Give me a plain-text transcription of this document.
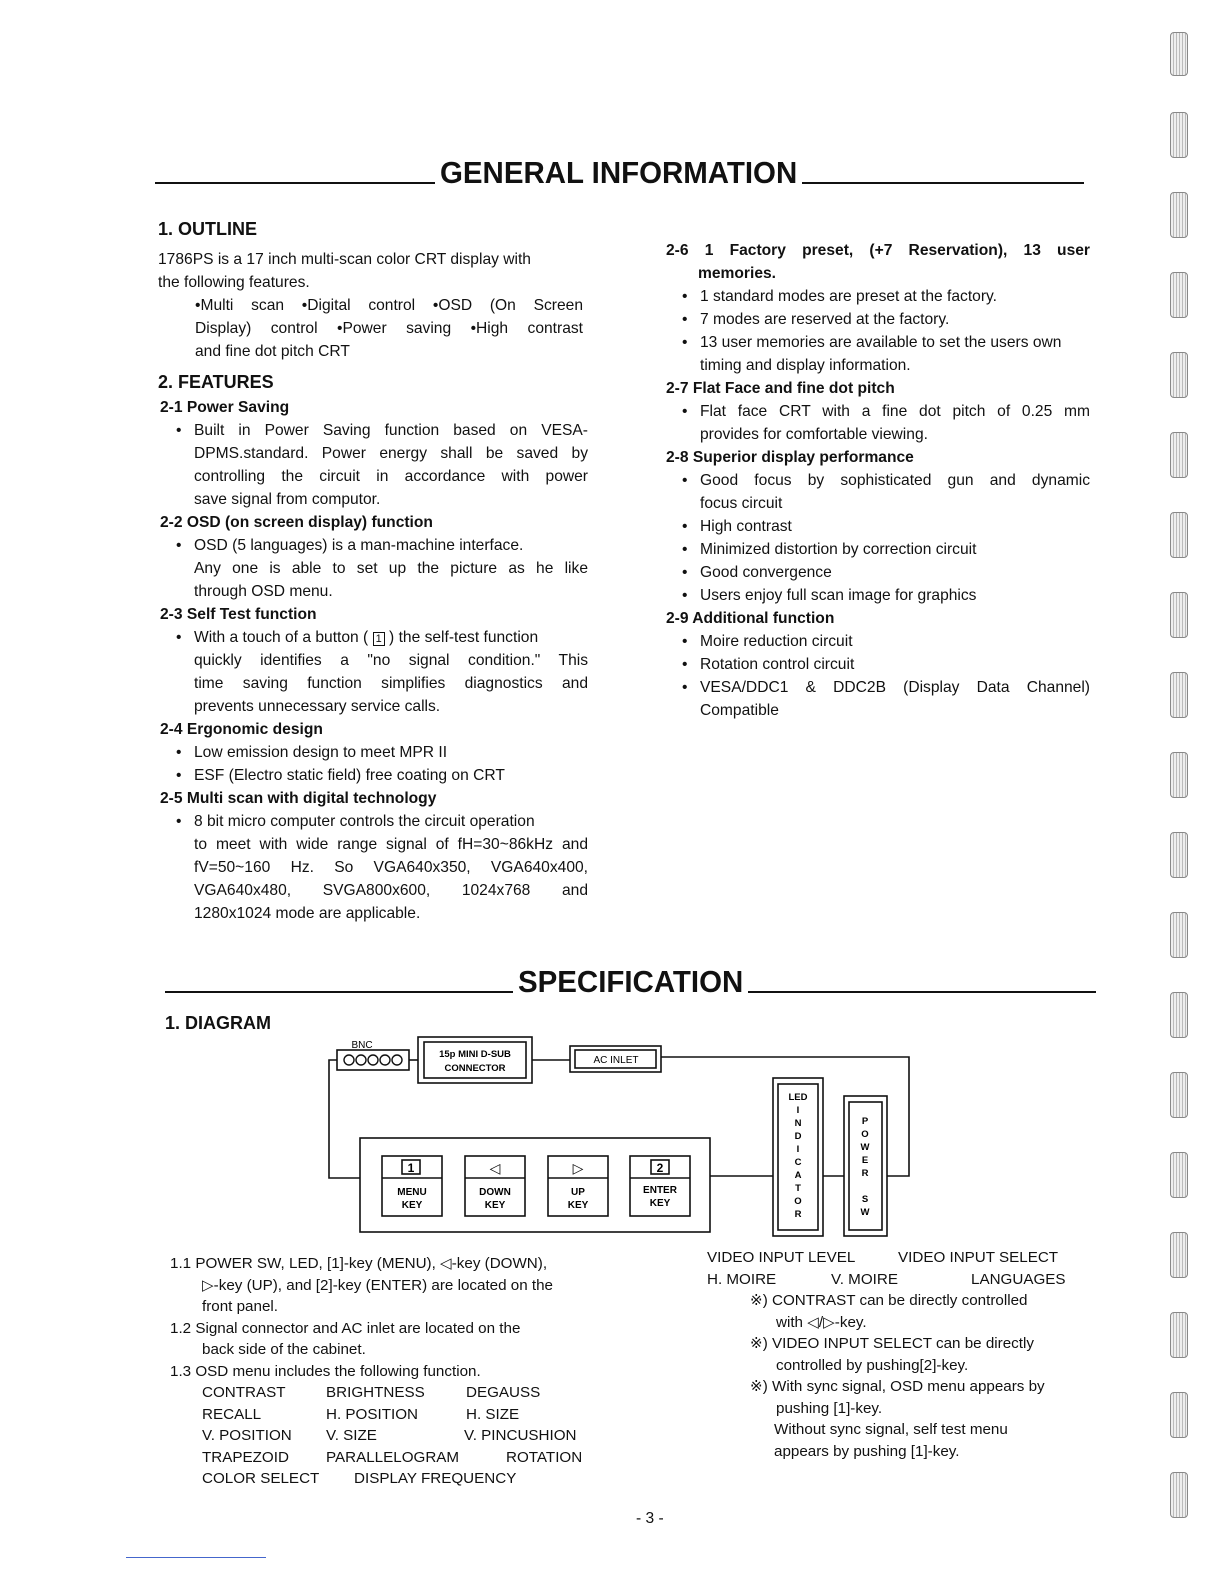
GENERAL INFORMATION
1. OUTLINE

1786PS is a 17 inch multi-scan color CRT display with

the following features.

•Multi scan •Digital control •OSD (On Screen

Display) control •Power saving •High contrast

and fine dot pitch CRT

2. FEATURES

2-1 Power Saving

• Built in Power Saving function based on VESA-

DPMS.standard. Power energy shall be saved by

controlling the circuit in accordance with power

save signal from computor.

2-2 OSD (on screen display) function

• OSD (5 languages) is a man-machine interface.

Any one is able to set up the picture as he like

through OSD menu.

2-3 Self Test function

• With a touch of a button ( 1 ) the self-test function

quickly identifies a "no signal condition." This

time saving function simplifies diagnostics and

prevents unnecessary service calls.

2-4 Ergonomic design

• Low emission design to meet MPR II

• ESF (Electro static field) free coating on CRT

2-5 Multi scan with digital technology

• 8 bit micro computer controls the circuit operation

to meet with wide range signal of fH=30~86kHz and

fV=50~160 Hz. So VGA640x350, VGA640x400,

VGA640x480, SVGA800x600, 1024x768 and

1280x1024 mode are applicable.

2-6 1 Factory preset, (+7 Reservation), 13 user

memories.

• 1 standard modes are preset at the factory.

• 7 modes are reserved at the factory.

• 13 user memories are available to set the users own

timing and display information.

2-7 Flat Face and fine dot pitch

• Flat face CRT with a fine dot pitch of 0.25 mm

provides for comfortable viewing.

2-8 Superior display performance

• Good focus by sophisticated gun and dynamic

focus circuit

• High contrast

• Minimized distortion by correction circuit

• Good convergence

• Users enjoy full scan image for graphics

2-9 Additional function

• Moire reduction circuit

• Rotation control circuit

• VESA/DDC1 & DDC2B (Display Data Channel)

Compatible

SPECIFICATION
1. DIAGRAM
BNC
15p MINI D-SUB
CONNECTOR
AC INLET
1
MENU
KEY
◁
DOWN
KEY
▷
UP
KEY
2
ENTER
KEY
LED
I
N
D
I
C
A
T
O
R
P
O
W
E
R
S
W

1.1 POWER SW, LED, [1]-key (MENU), ◁-key (DOWN),

▷-key (UP), and [2]-key (ENTER) are located on the

front panel.

1.2 Signal connector and AC inlet are located on the

back side of the cabinet.

1.3 OSD menu includes the following function.

CONTRAST	BRIGHTNESS	DEGAUSS
RECALL	H. POSITION	H. SIZE
V. POSITION V. SIZE	V. PINCUSHION
TRAPEZOID PARALLELOGRAM	ROTATION
COLOR SELECT DISPLAY FREQUENCY
VIDEO INPUT LEVEL	VIDEO INPUT SELECT
H. MOIRE	V. MOIRE	LANGUAGES

※) CONTRAST can be directly controlled

with ◁/▷-key.

※) VIDEO INPUT SELECT can be directly

controlled by pushing[2]-key.

※) With sync signal, OSD menu appears by

pushing [1]-key.

Without sync signal, self test menu

appears by pushing [1]-key.

- 3 -
